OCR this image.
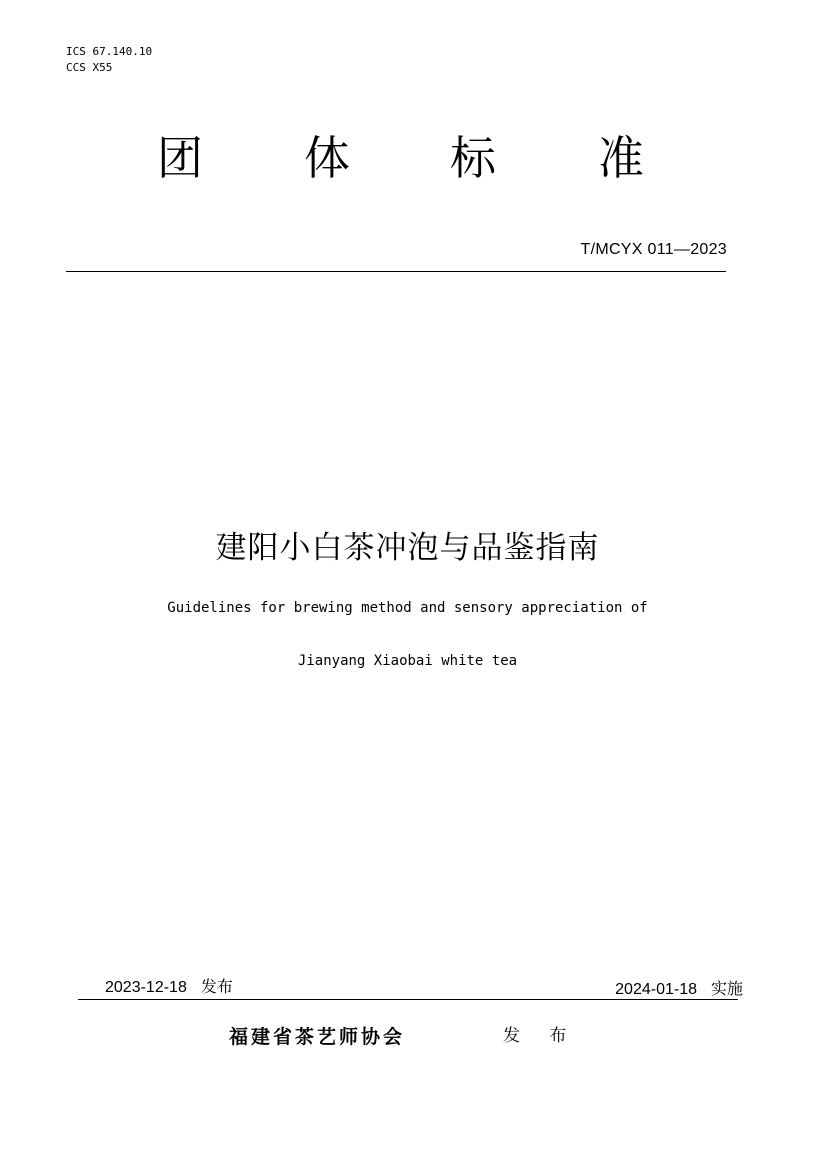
ICS 67.140.10
CCS X55
团 体 标 准
T/MCYX 011—2023
建阳小白茶冲泡与品鉴指南
Guidelines for brewing method and sensory appreciation of
Jianyang Xiaobai white tea
2023-12-18 发布	2024-01-18 实施
福建省茶艺师协会	发 布
